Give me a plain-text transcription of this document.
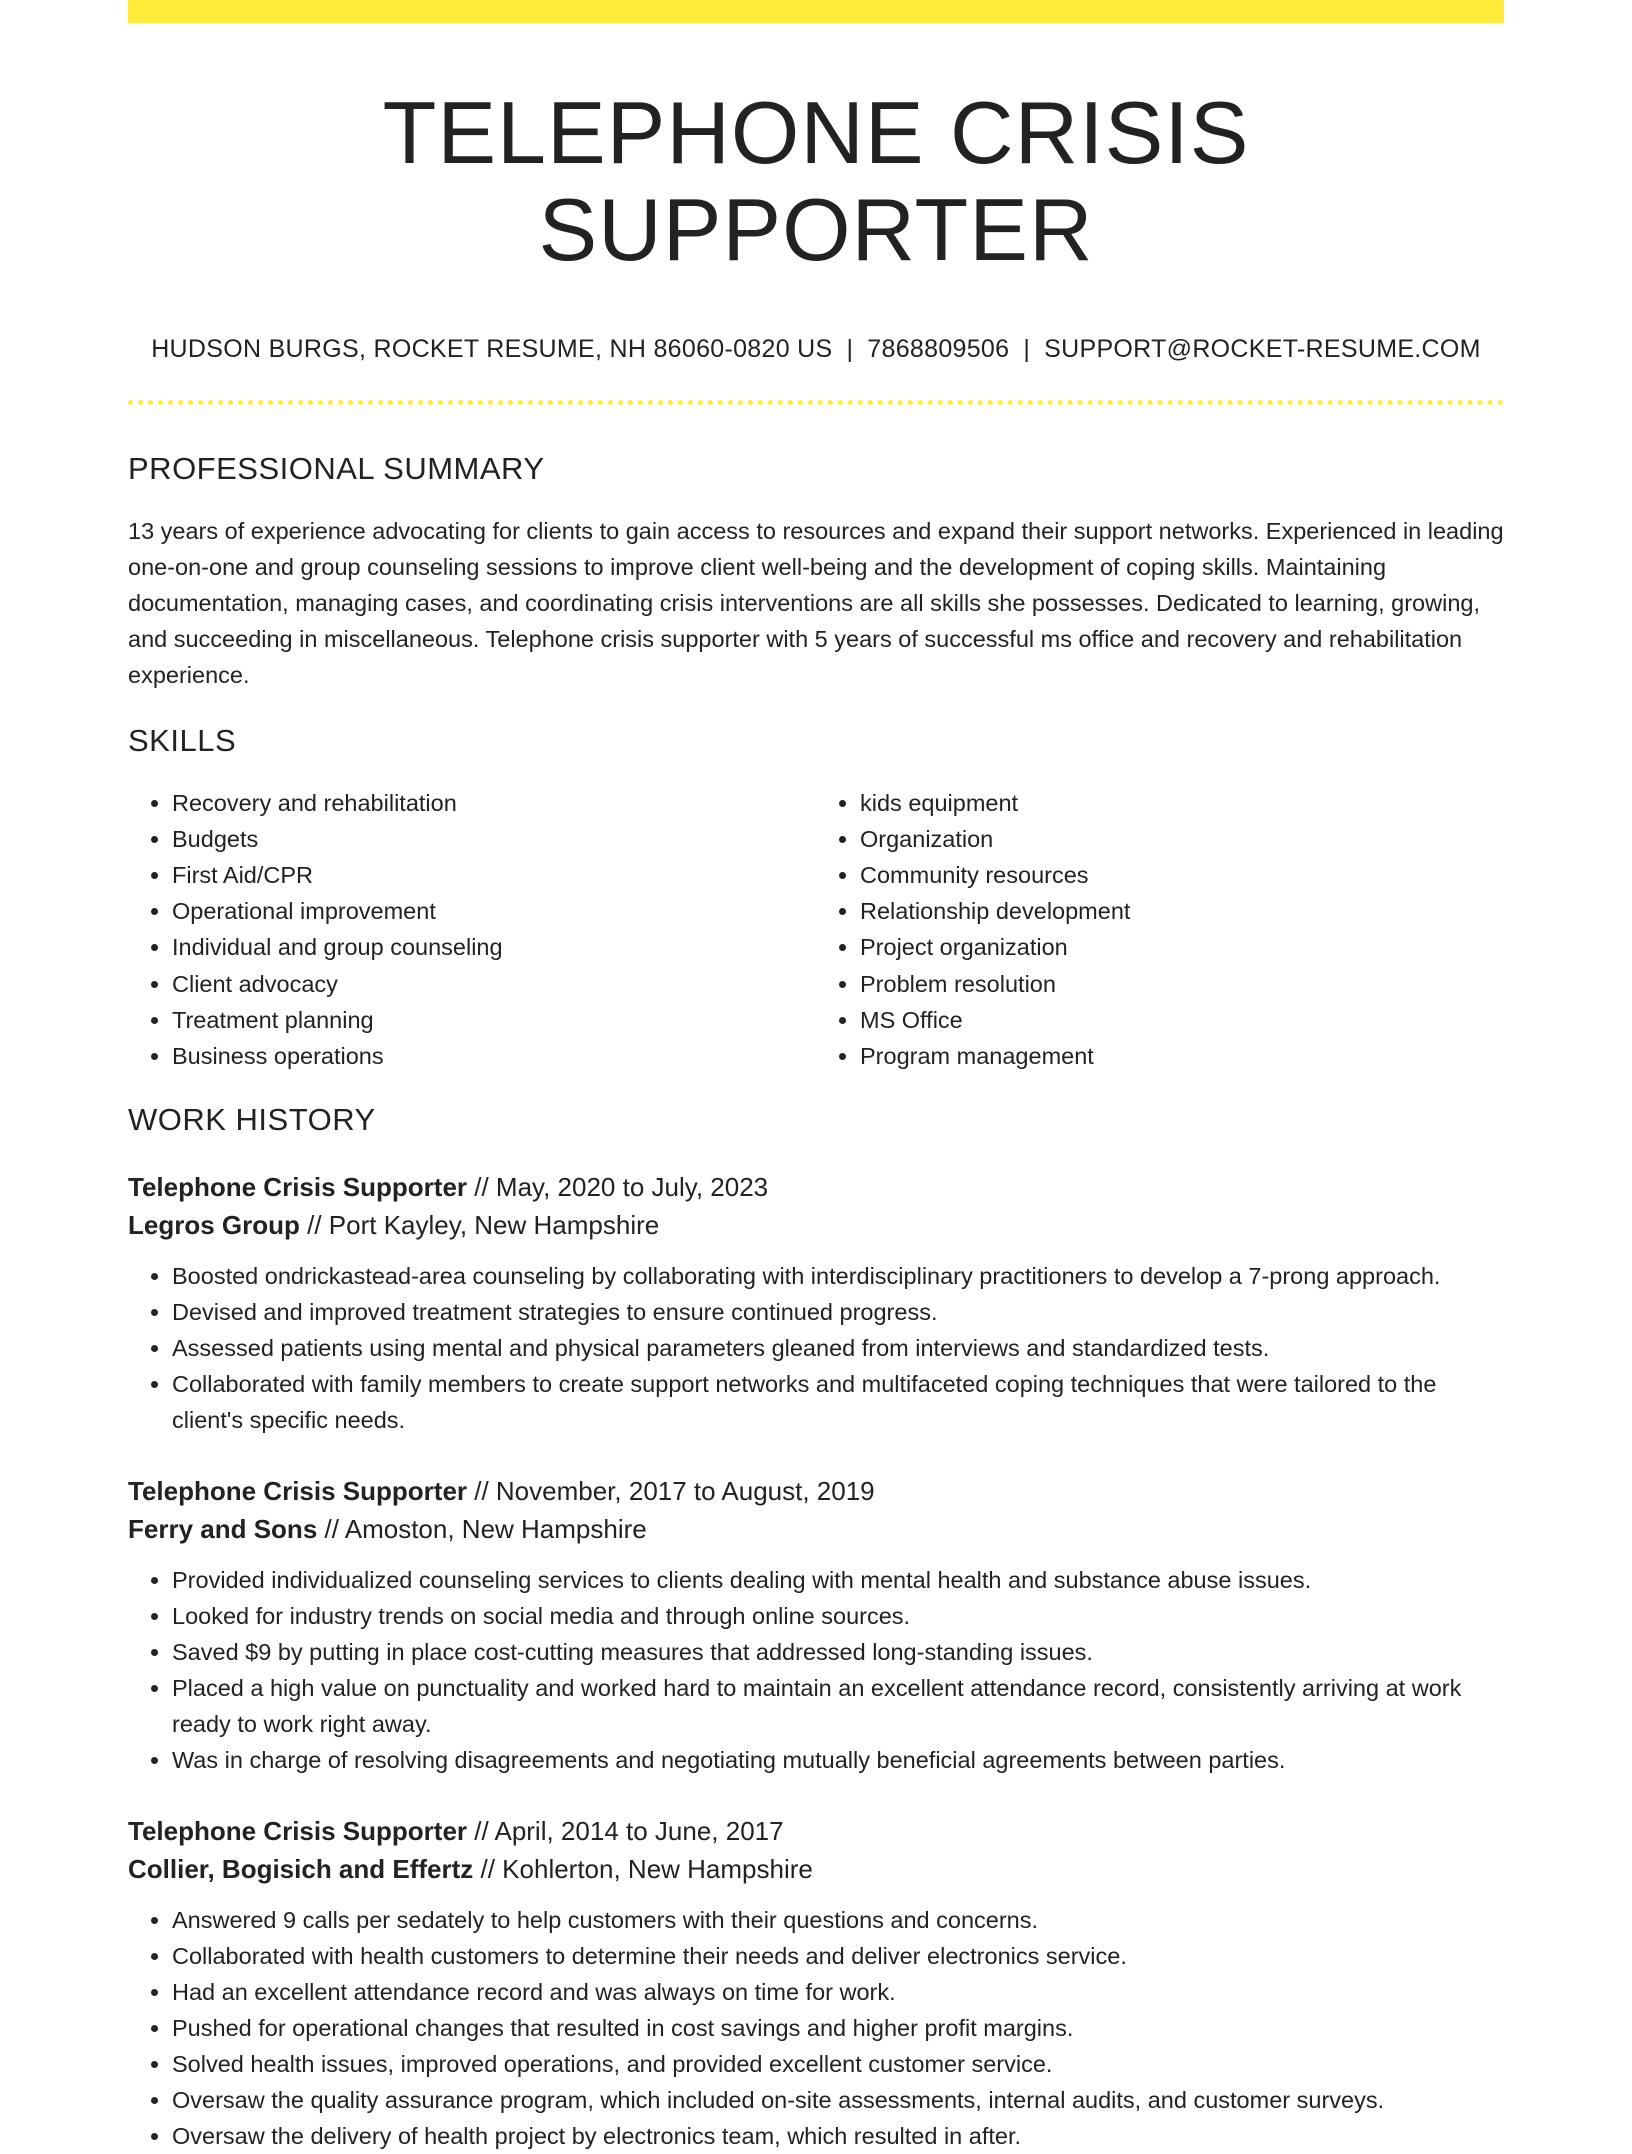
TELEPHONE CRISIS SUPPORTER
HUDSON BURGS, ROCKET RESUME, NH 86060-0820 US | 7868809506 | SUPPORT@ROCKET-RESUME.COM
PROFESSIONAL SUMMARY

13 years of experience advocating for clients to gain access to resources and expand their support networks. Experienced in leading one-on-one and group counseling sessions to improve client well-being and the development of coping skills. Maintaining documentation, managing cases, and coordinating crisis interventions are all skills she possesses. Dedicated to learning, growing, and succeeding in miscellaneous. Telephone crisis supporter with 5 years of successful ms office and recovery and rehabilitation experience.

SKILLS
• Recovery and rehabilitation
• Budgets
• First Aid/CPR
• Operational improvement
• Individual and group counseling
• Client advocacy
• Treatment planning
• Business operations
• kids equipment
• Organization
• Community resources
• Relationship development
• Project organization
• Problem resolution
• MS Office
• Program management
WORK HISTORY
Telephone Crisis Supporter // May, 2020 to July, 2023
Legros Group // Port Kayley, New Hampshire
• Boosted ondrickastead-area counseling by collaborating with interdisciplinary practitioners to develop a 7-prong approach.
• Devised and improved treatment strategies to ensure continued progress.
• Assessed patients using mental and physical parameters gleaned from interviews and standardized tests.
• Collaborated with family members to create support networks and multifaceted coping techniques that were tailored to the client's specific needs.
Telephone Crisis Supporter // November, 2017 to August, 2019
Ferry and Sons // Amoston, New Hampshire
• Provided individualized counseling services to clients dealing with mental health and substance abuse issues.
• Looked for industry trends on social media and through online sources.
• Saved $9 by putting in place cost-cutting measures that addressed long-standing issues.
• Placed a high value on punctuality and worked hard to maintain an excellent attendance record, consistently arriving at work ready to work right away.
• Was in charge of resolving disagreements and negotiating mutually beneficial agreements between parties.
Telephone Crisis Supporter // April, 2014 to June, 2017
Collier, Bogisich and Effertz // Kohlerton, New Hampshire
• Answered 9 calls per sedately to help customers with their questions and concerns.
• Collaborated with health customers to determine their needs and deliver electronics service.
• Had an excellent attendance record and was always on time for work.
• Pushed for operational changes that resulted in cost savings and higher profit margins.
• Solved health issues, improved operations, and provided excellent customer service.
• Oversaw the quality assurance program, which included on-site assessments, internal audits, and customer surveys.
• Oversaw the delivery of health project by electronics team, which resulted in after.
